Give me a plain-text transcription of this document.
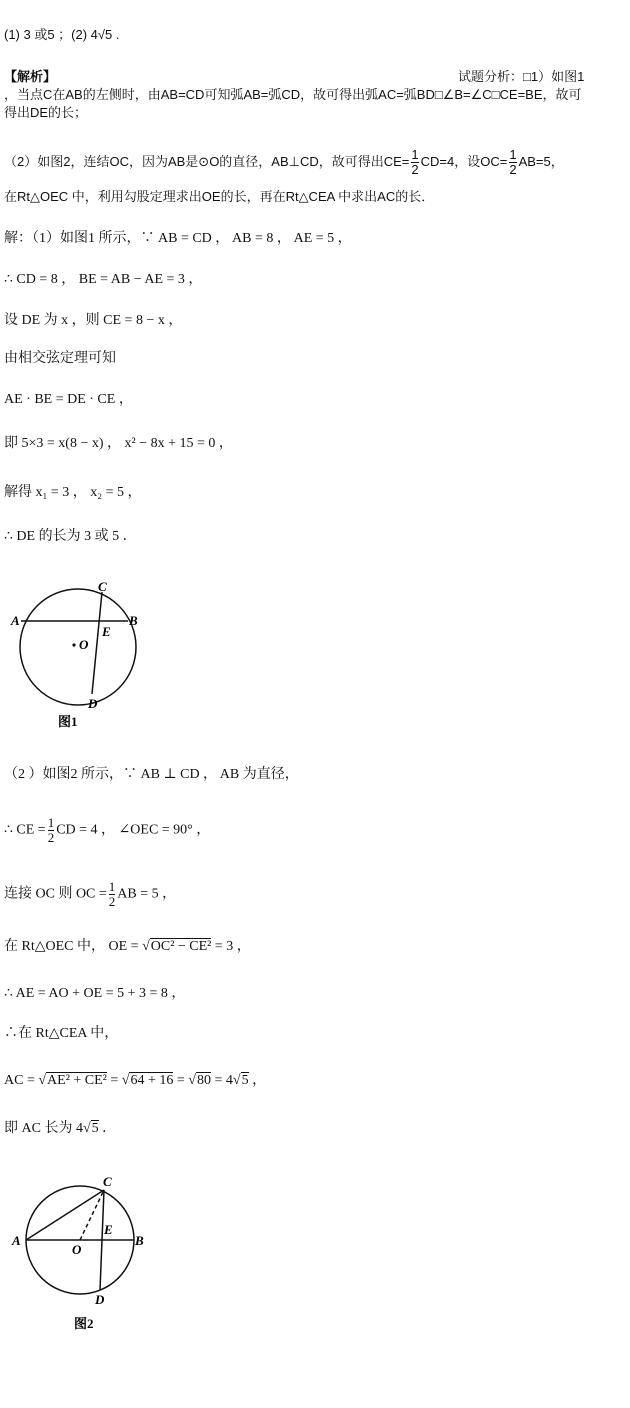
(1) 3 或5 ；(2) 4√5 .
【解析】	试题分析：□1）如图1
，当点C在AB的左侧时，由AB=CD可知弧AB=弧CD，故可得出弧AC=弧BD□∠B=∠C□CE=BE，故可
得出DE的长；
（2）如图2，连结OC，因为AB是⊙O的直径，AB⊥CD，故可得出$CE= \frac{1}{2} CD=4$，设$OC= \frac{1}{2} AB=5$，
在Rt△OEC 中，利用勾股定理求出OE的长，再在Rt△CEA 中求出AC的长．
解：（1）如图1 所示，∵ AB = CD ， AB = 8 ， AE = 5 ，
∴ CD = 8 ， BE = AB − AE = 3 ，
设 DE 为 x ，则 CE = 8 − x ，
由相交弦定理可知
AE · BE = DE · CE ，
即 5×3 = x(8 − x) ， x² − 8x + 15 = 0 ，
解得 x₁ = 3 ， x₂ = 5 ，
∴ DE 的长为 3 或 5 ．
A	B
C
D
E
O
图1
（2 ）如图2 所示，∵ AB ⊥ CD ， AB 为直径，
∴ CE = $\frac{1}{2}$ CD = 4 ， ∠OEC = 90° ，
连接 OC 则 OC = $\frac{1}{2}$ AB = 5 ，
在 Rt△OEC 中， OE = √OC² − CE² = 3 ，
∴ AE = AO + OE = 5 + 3 = 8 ，
∴在 Rt△CEA 中，
AC = √AE² + CE² = √64 + 16 = √80 = 4√5 ，
即 AC 长为 4√5 ．
A	B
C
D
E
O
图2
